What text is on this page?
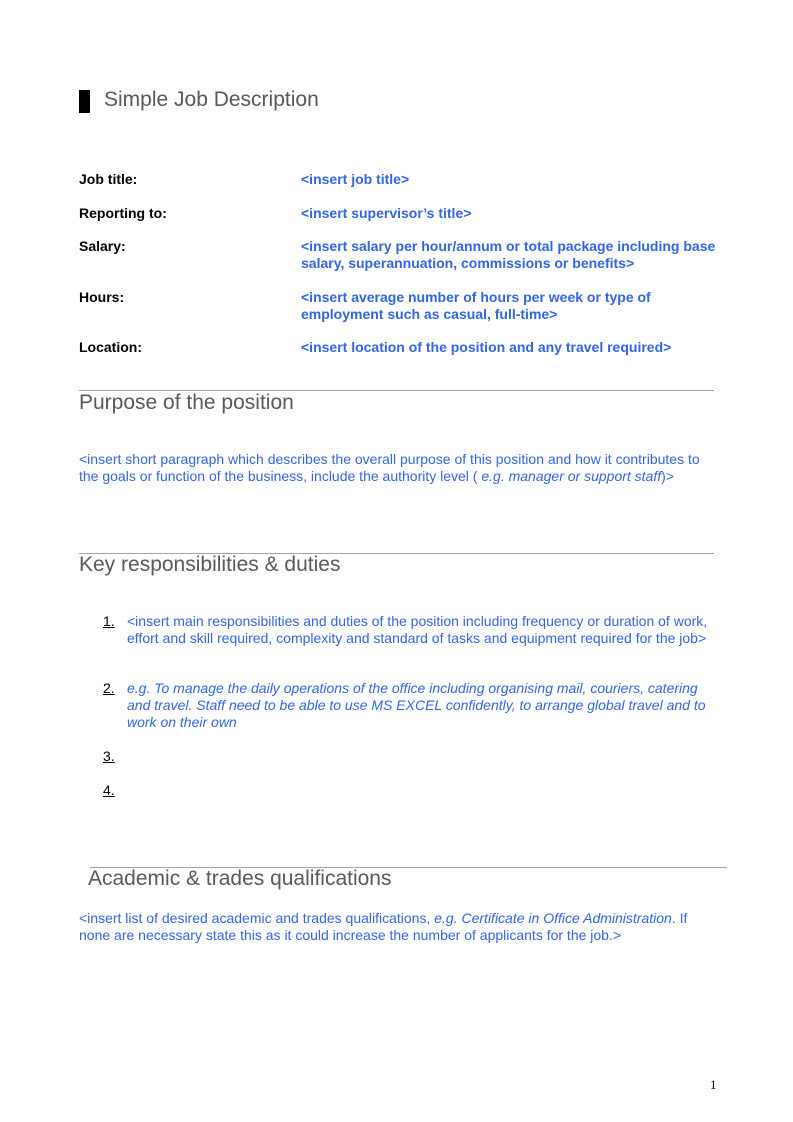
Simple Job Description
Job title:	<insert job title>
Reporting to:	<insert supervisor’s title>
Salary:	<insert salary per hour/annum or total package including base salary, superannuation, commissions or benefits>
Hours:	<insert average number of hours per week or type of employment such as casual, full-time>
Location:	<insert location of the position and any travel required>
Purpose of the position
<insert short paragraph which describes the overall purpose of this position and how it contributes to the goals or function of the business, include the authority level ( e.g. manager or support staff)>
Key responsibilities & duties
1. <insert main responsibilities and duties of the position including frequency or duration of work, effort and skill required, complexity and standard of tasks and equipment required for the job>
2. e.g. To manage the daily operations of the office including organising mail, couriers, catering and travel. Staff need to be able to use MS EXCEL confidently, to arrange global travel and to work on their own
3.
4.
Academic & trades qualifications
<insert list of desired academic and trades qualifications, e.g. Certificate in Office Administration. If none are necessary state this as it could increase the number of applicants for the job.>
1
